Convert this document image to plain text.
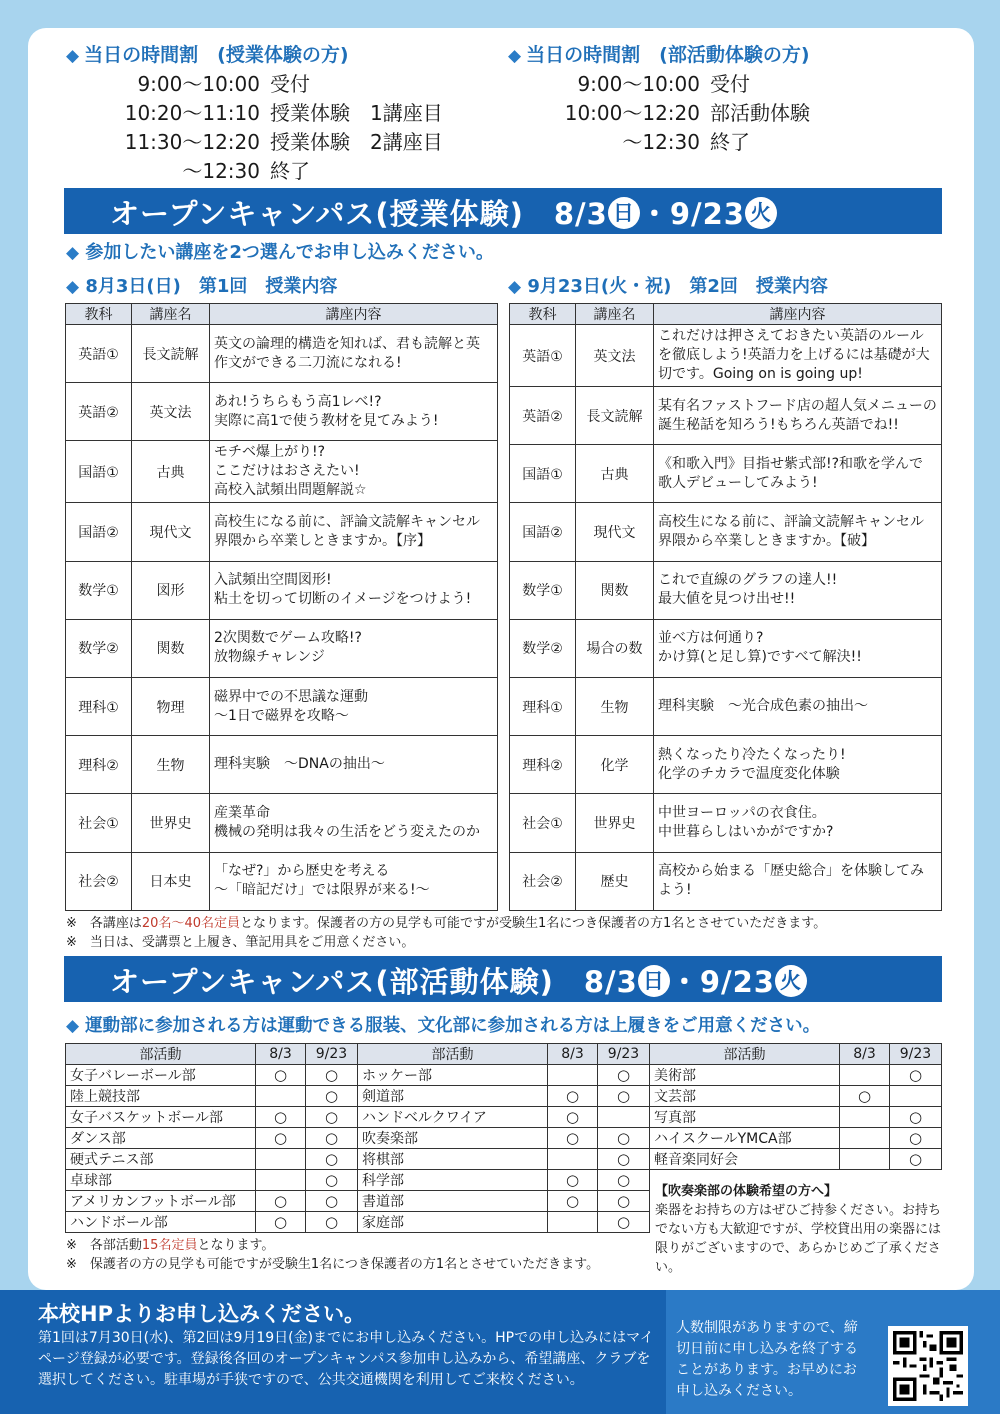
◆ 当日の時間割　(授業体験の方)
9:00～10:00 受付
10:20～11:10 授業体験　1講座目
11:30～12:20 授業体験　2講座目
～12:30 終了
◆ 当日の時間割　(部活動体験の方)
9:00～10:00 受付
10:00～12:20 部活動体験
～12:30 終了
オープンキャンパス(授業体験)　8/3 日 ・9/23 火
◆ 参加したい講座を2つ選んでお申し込みください。
◆ 8月3日(日)　第1回　授業内容	◆ 9月23日(火・祝)　第2回　授業内容
教科	講座名	講座内容
英語①	長文読解	英文の論理的構造を知れば、君も読解と英作文ができる二刀流になれる!
英語②	英文法	あれ!うちらもう高1レベ!?
実際に高1で使う教材を見てみよう!
国語①	古典	モチベ爆上がり!?
ここだけはおさえたい!
高校入試頻出問題解説☆
国語②	現代文	高校生になる前に、評論文読解キャンセル界隈から卒業しときますか。【序】
数学①	図形	入試頻出空間図形!
粘土を切って切断のイメージをつけよう!
数学②	関数	2次関数でゲーム攻略!?
放物線チャレンジ
理科①	物理	磁界中での不思議な運動
～1日で磁界を攻略～
理科②	生物	理科実験　～DNAの抽出～
社会①	世界史	産業革命
機械の発明は我々の生活をどう変えたのか
社会②	日本史	「なぜ?」から歴史を考える
～「暗記だけ」では限界が来る!～
教科	講座名	講座内容
英語①	英文法	これだけは押さえておきたい英語のルールを徹底しよう!英語力を上げるには基礎が大切です。Going on is going up!
英語②	長文読解	某有名ファストフード店の超人気メニューの誕生秘話を知ろう!もちろん英語でね!!
国語①	古典	《和歌入門》目指せ紫式部!?和歌を学んで歌人デビューしてみよう!
国語②	現代文	高校生になる前に、評論文読解キャンセル界隈から卒業しときますか。【破】
数学①	関数	これで直線のグラフの達人!!
最大値を見つけ出せ!!
数学②	場合の数	並べ方は何通り?
かけ算(と足し算)ですべて解決!!
理科①	生物	理科実験　～光合成色素の抽出～
理科②	化学	熱くなったり冷たくなったり!
化学のチカラで温度変化体験
社会①	世界史	中世ヨーロッパの衣食住。
中世暮らしはいかがですか?
社会②	歴史	高校から始まる「歴史総合」を体験してみよう!
※　各講座は20名～40名定員となります。保護者の方の見学も可能ですが受験生1名につき保護者の方1名とさせていただきます。
※　当日は、受講票と上履き、筆記用具をご用意ください。
オープンキャンパス(部活動体験)　8/3 日 ・9/23 火
◆ 運動部に参加される方は運動できる服装、文化部に参加される方は上履きをご用意ください。
部活動	8/3	9/23
女子バレーボール部	○	○
陸上競技部		○
女子バスケットボール部	○	○
ダンス部	○	○
硬式テニス部		○
卓球部		○
アメリカンフットボール部	○	○
ハンドボール部	○	○
部活動	8/3	9/23
ホッケー部		○
剣道部	○	○
ハンドベルクワイア	○	
吹奏楽部	○	○
将棋部		○
科学部	○	○
書道部	○	○
家庭部		○
部活動	8/3	9/23
美術部		○
文芸部	○	
写真部		○
ハイスクールYMCA部		○
軽音楽同好会		○
※　各部活動15名定員となります。
※　保護者の方の見学も可能ですが受験生1名につき保護者の方1名とさせていただきます。
【吹奏楽部の体験希望の方へ】
楽器をお持ちの方はぜひご持参ください。お持ちでない方も大歓迎ですが、学校貸出用の楽器には限りがございますので、あらかじめご了承ください。
本校HPよりお申し込みください。
第1回は7月30日(水)、第2回は9月19日(金)までにお申し込みください。HPでの申し込みにはマイページ登録が必要です。登録後各回のオープンキャンパス参加申し込みから、希望講座、クラブを選択してください。駐車場が手狭ですので、公共交通機関を利用してご来校ください。
人数制限がありますので、締切日前に申し込みを終了することがあります。お早めにお申し込みください。
